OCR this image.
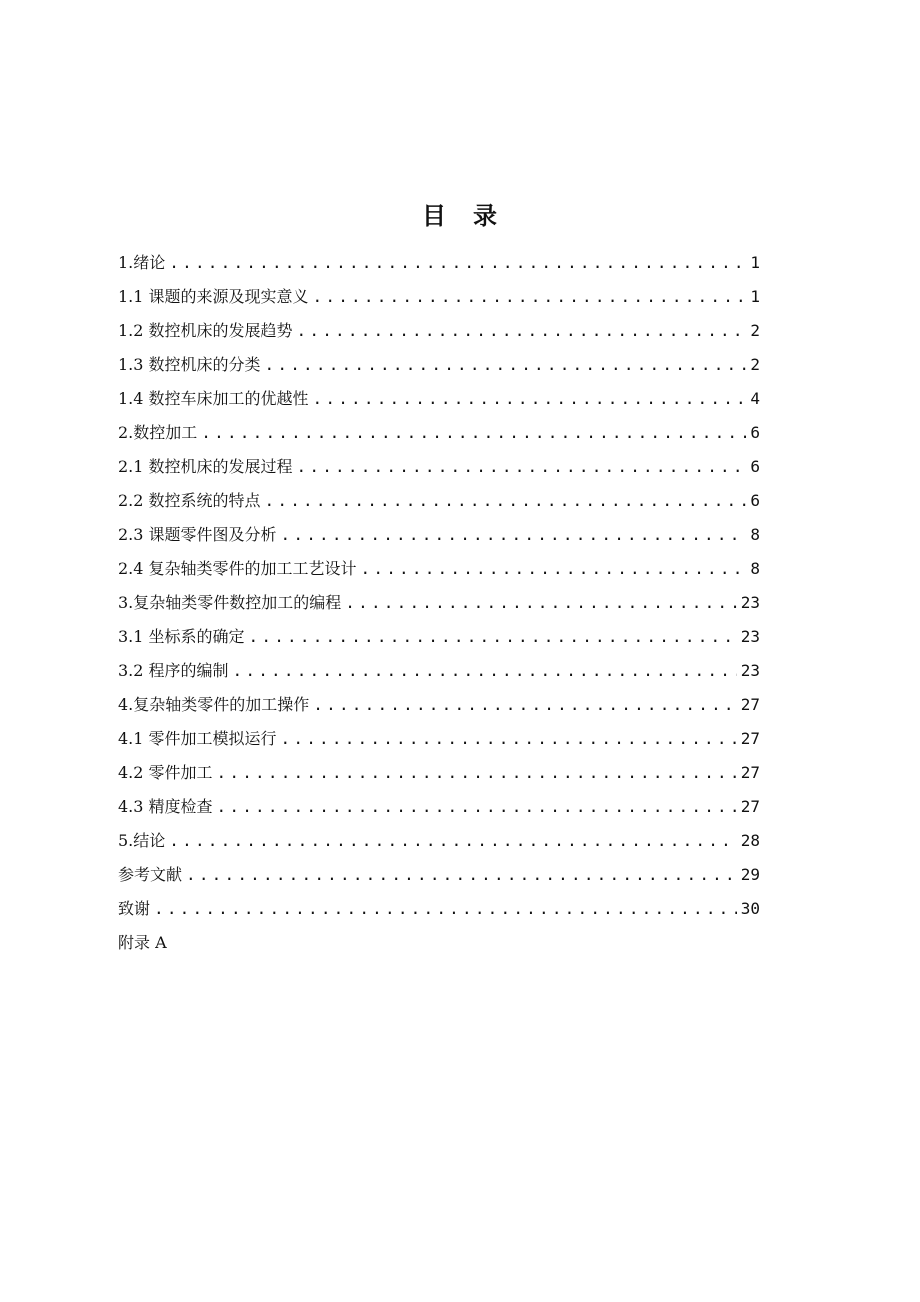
目 录
1.绪论 .....	1
1.1 课题的来源及现实意义 .....	1
1.2 数控机床的发展趋势 .....	2
1.3 数控机床的分类 .....	2
1.4 数控车床加工的优越性 .....	4
2.数控加工 .....	6
2.1 数控机床的发展过程 .....	6
2.2 数控系统的特点 .....	6
2.3 课题零件图及分析 .....	8
2.4 复杂轴类零件的加工工艺设计 .....	8
3.复杂轴类零件数控加工的编程 .....	23
3.1 坐标系的确定 .....	23
3.2 程序的编制 .....	23
4.复杂轴类零件的加工操作 .....	27
4.1 零件加工模拟运行 .....	27
4.2 零件加工 .....	27
4.3 精度检查 .....	27
5.结论 .....	28
参考文献 .....	29
致谢 .....	30
附录 A
